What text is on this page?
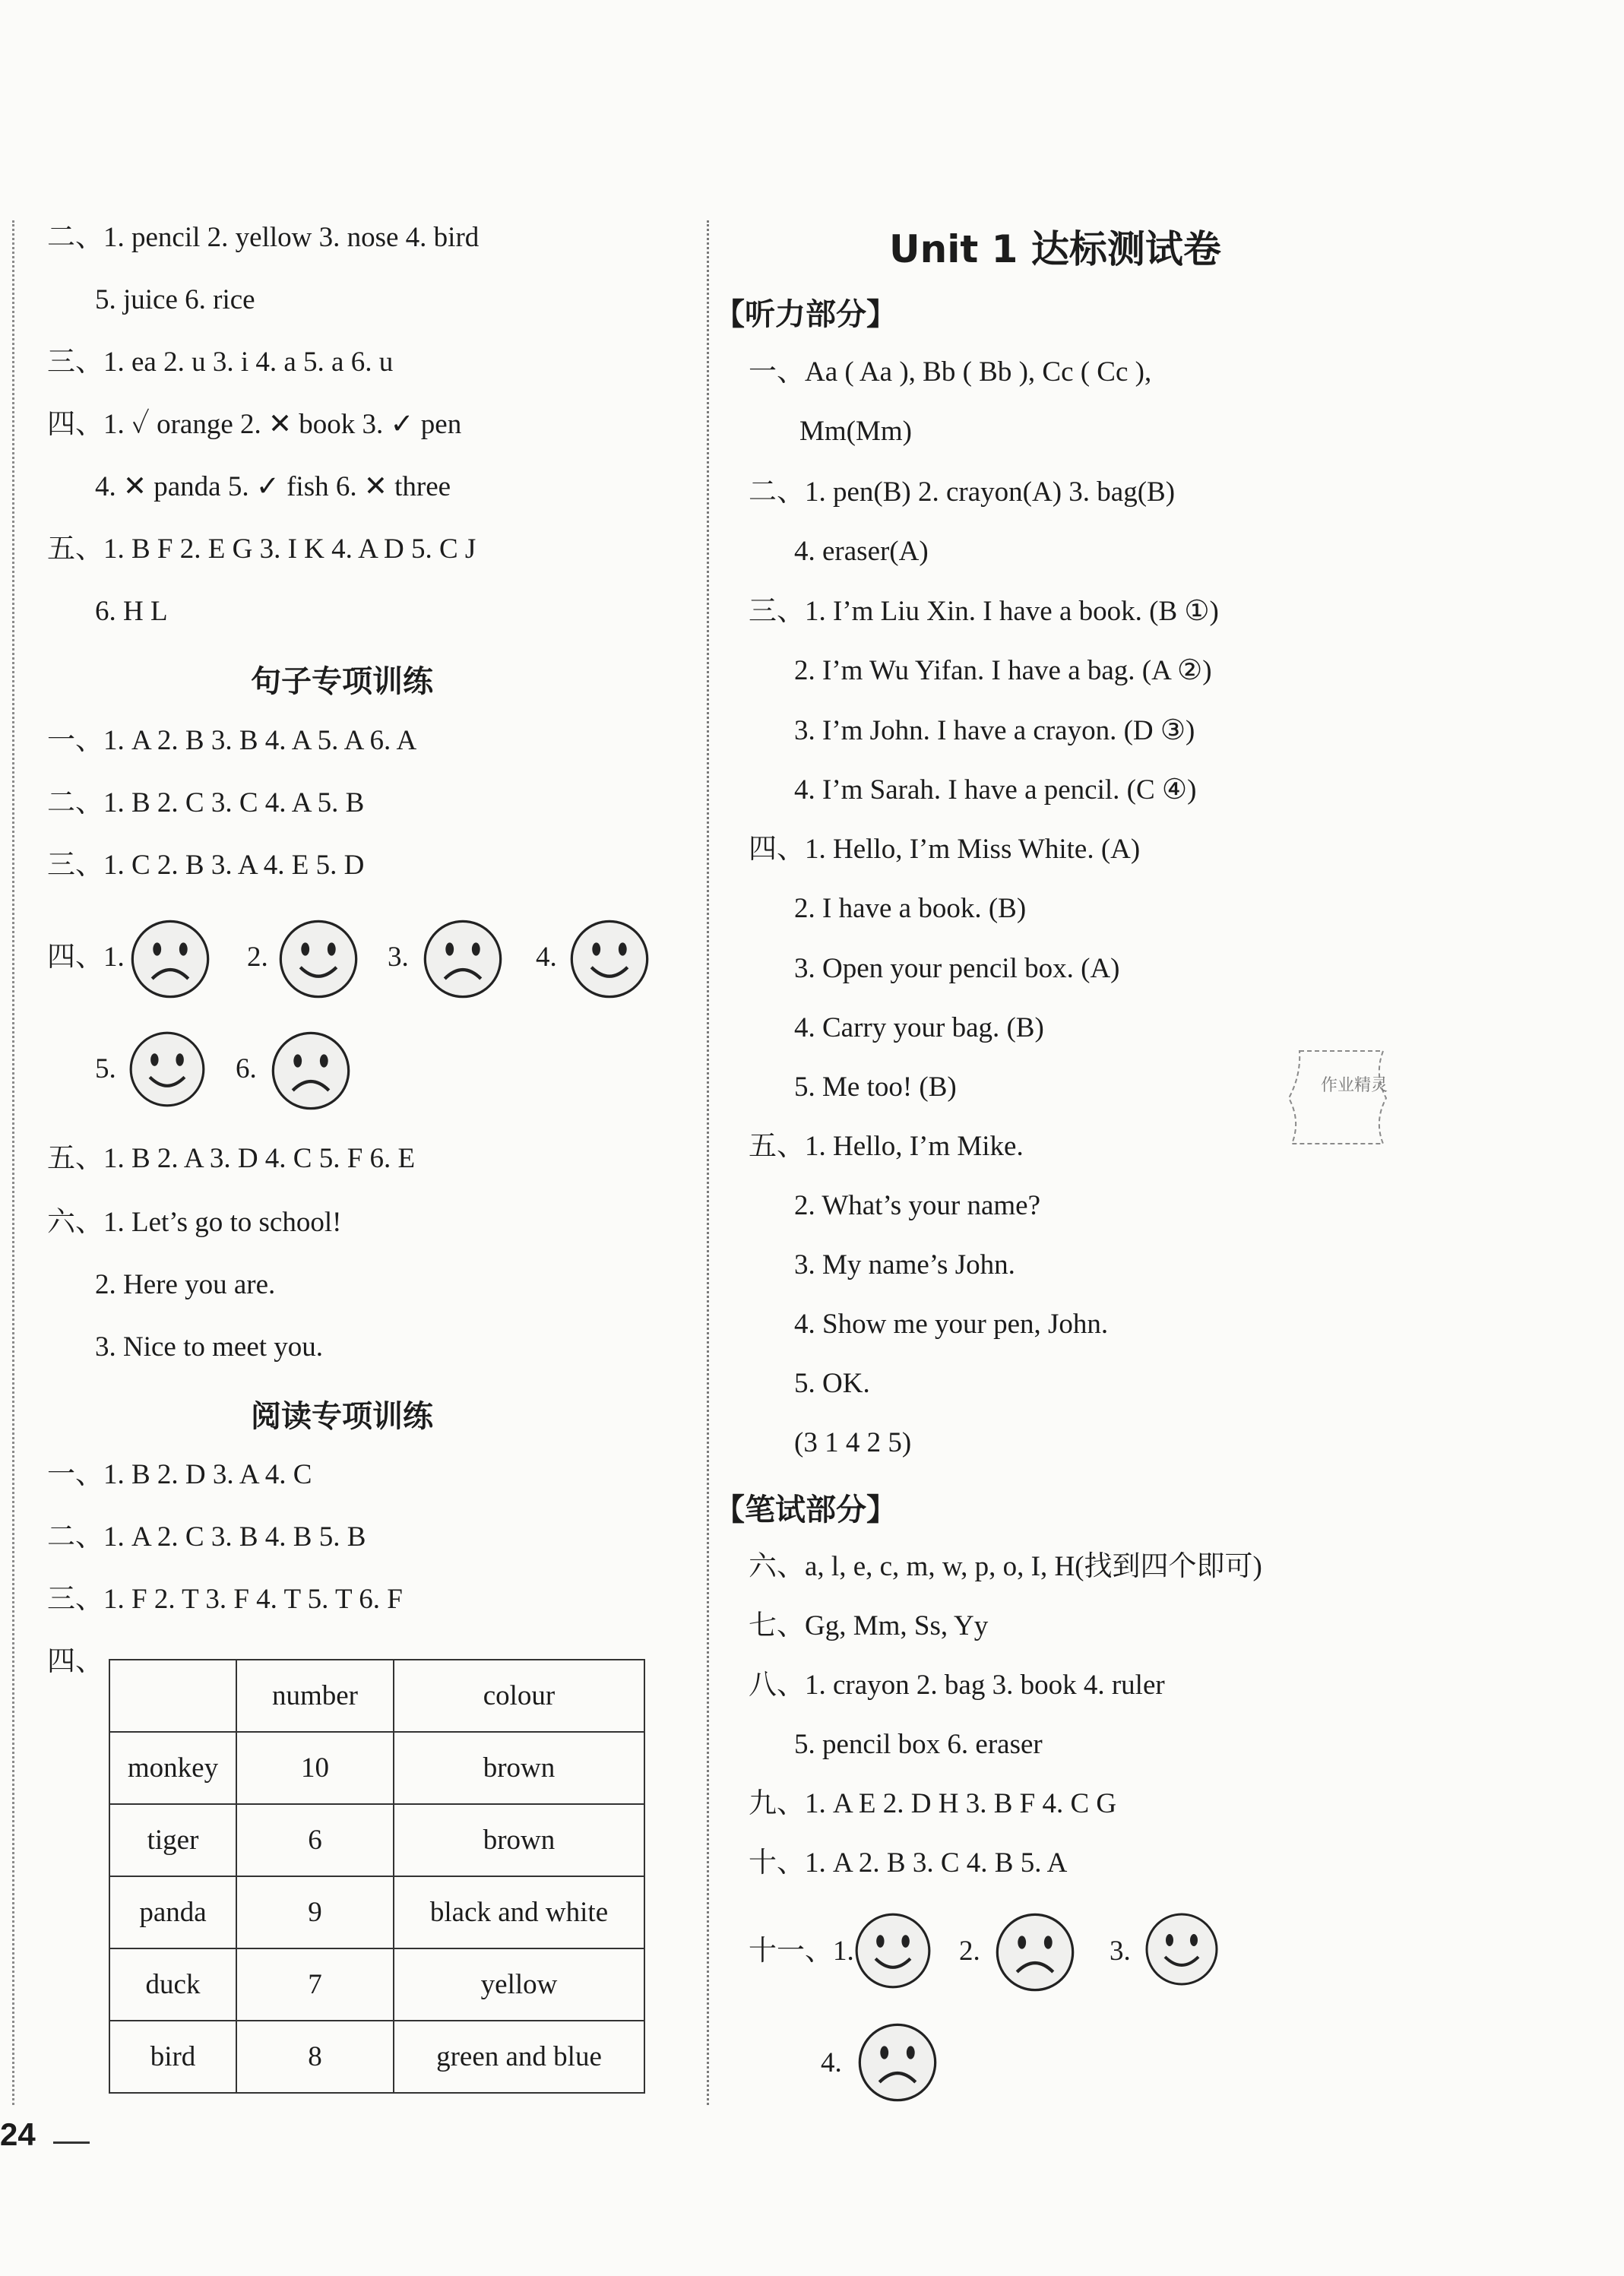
二、1. pencil 2. yellow 3. nose 4. bird
5. juice 6. rice
三、1. ea 2. u 3. i 4. a 5. a 6. u
四、1. ✓ orange 2. ✕ book 3. ✓ pen
4. ✕ panda 5. ✓ fish 6. ✕ three
五、1. B F 2. E G 3. I K 4. A D 5. C J
6. H L
句子专项训练
一、1. A 2. B 3. B 4. A 5. A 6. A
二、1. B 2. C 3. C 4. A 5. B
三、1. C 2. B 3. A 4. E 5. D
四、1.	2.	3.	4.
5.	6.
五、1. B 2. A 3. D 4. C 5. F 6. E
六、1. Let’s go to school!
2. Here you are.
3. Nice to meet you.
阅读专项训练
一、1. B 2. D 3. A 4. C
二、1. A 2. C 3. B 4. B 5. B
三、1. F 2. T 3. F 4. T 5. T 6. F
四、
	number	colour
monkey	10	brown
tiger	6	brown
panda	9	black and white
duck	7	yellow
bird	8	green and blue
24
Unit 1 达标测试卷
【听力部分】
一、Aa ( Aa ), Bb ( Bb ), Cc ( Cc ),
Mm(Mm)
二、1. pen(B) 2. crayon(A) 3. bag(B)
4. eraser(A)
三、1. I’m Liu Xin. I have a book. (B ①)
2. I’m Wu Yifan. I have a bag. (A ②)
3. I’m John. I have a crayon. (D ③)
4. I’m Sarah. I have a pencil. (C ④)
四、1. Hello, I’m Miss White. (A)
2. I have a book. (B)
3. Open your pencil box. (A)
4. Carry your bag. (B)
5. Me too! (B)
五、1. Hello, I’m Mike.
2. What’s your name?
3. My name’s John.
4. Show me your pen, John.
5. OK.
(3 1 4 2 5)
【笔试部分】
六、a, l, e, c, m, w, p, o, I, H(找到四个即可)
七、Gg, Mm, Ss, Yy
八、1. crayon 2. bag 3. book 4. ruler
5. pencil box 6. eraser
九、1. A E 2. D H 3. B F 4. C G
十、1. A 2. B 3. C 4. B 5. A
十一、1.	2.	3.
4.
作业精灵
